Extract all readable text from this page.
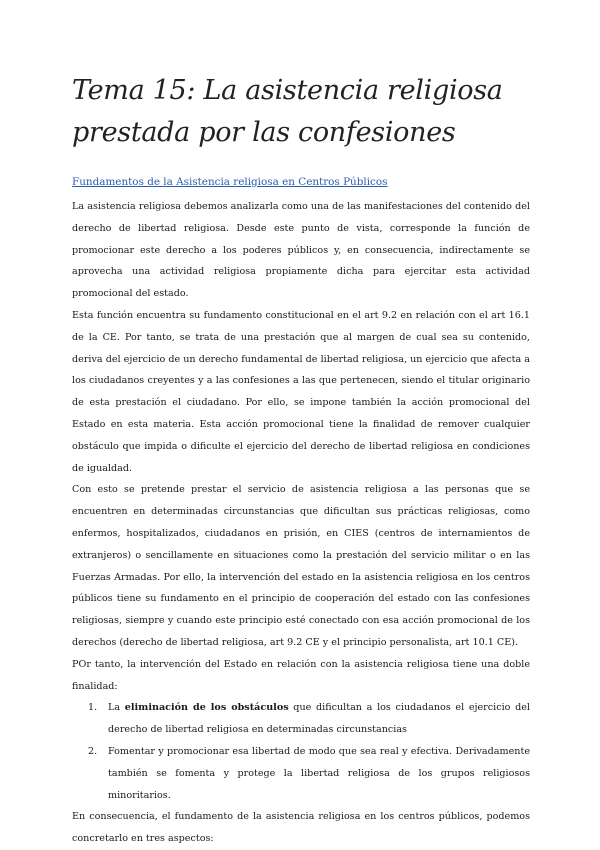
Tema 15: La asistencia religiosa prestada por las confesiones
Fundamentos de la Asistencia religiosa en Centros Públicos

La asistencia religiosa debemos analizarla como una de las manifestaciones del contenido del derecho de libertad religiosa. Desde este punto de vista, corresponde la función de promocionar este derecho a los poderes públicos y, en consecuencia, indirectamente se aprovecha una actividad religiosa propiamente dicha para ejercitar esta actividad promocional del estado.

Esta función encuentra su fundamento constitucional en el art 9.2 en relación con el art 16.1 de la CE. Por tanto, se trata de una prestación que al margen de cual sea su contenido, deriva del ejercicio de un derecho fundamental de libertad religiosa, un ejercicio que afecta a los ciudadanos creyentes y a las confesiones a las que pertenecen, siendo el titular originario de esta prestación el ciudadano. Por ello, se impone también la acción promocional del Estado en esta materia. Esta acción promocional tiene la finalidad de remover cualquier obstáculo que impida o dificulte el ejercicio del derecho de libertad religiosa en condiciones de igualdad.

Con esto se pretende prestar el servicio de asistencia religiosa a las personas que se encuentren en determinadas circunstancias que dificultan sus prácticas religiosas, como enfermos, hospitalizados, ciudadanos en prisión, en CIES (centros de internamientos de extranjeros) o sencillamente en situaciones como la prestación del servicio militar o en las Fuerzas Armadas. Por ello, la intervención del estado en la asistencia religiosa en los centros públicos tiene su fundamento en el principio de cooperación del estado con las confesiones religiosas, siempre y cuando este principio esté conectado con esa acción promocional de los derechos (derecho de libertad religiosa, art 9.2 CE y el principio personalista, art 10.1 CE).

POr tanto, la intervención del Estado en relación con la asistencia religiosa tiene una doble finalidad:

1. La eliminación de los obstáculos que dificultan a los ciudadanos el ejercicio del derecho de libertad religiosa en determinadas circunstancias
2. Fomentar y promocionar esa libertad de modo que sea real y efectiva. Derivadamente también se fomenta y protege la libertad religiosa de los grupos religiosos minoritarios.

En consecuencia, el fundamento de la asistencia religiosa en los centros públicos, podemos concretarlo en tres aspectos:
